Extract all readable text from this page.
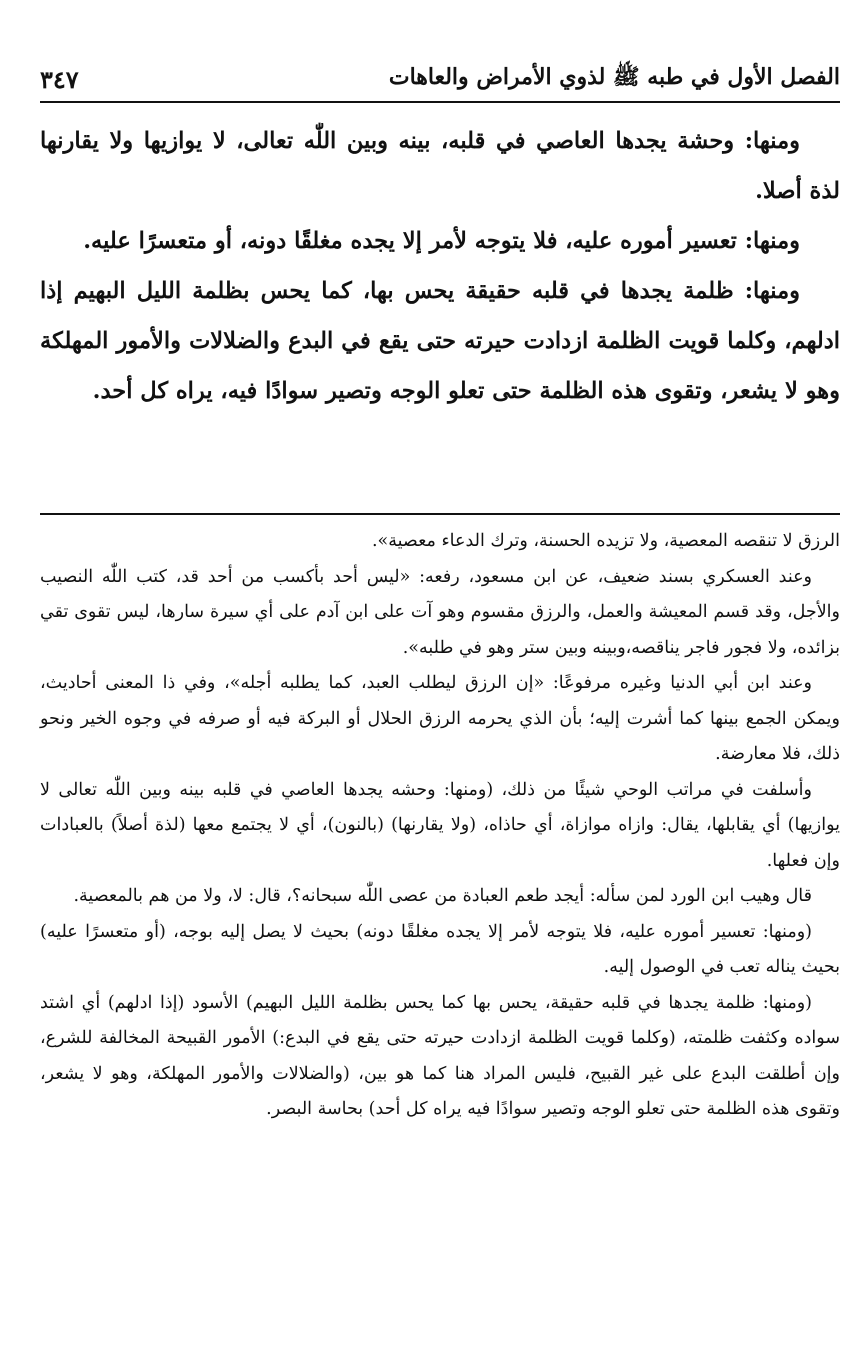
الفصل الأول في طبه ﷺ لذوي الأمراض والعاهات
٣٤٧

ومنها: وحشة يجدها العاصي في قلبه، بينه وبين اللّٰه تعالى، لا يوازيها ولا يقارنها لذة أصلا.

ومنها: تعسير أموره عليه، فلا يتوجه لأمر إلا يجده مغلقًا دونه، أو متعسرًا عليه.

ومنها: ظلمة يجدها في قلبه حقيقة يحس بها، كما يحس بظلمة الليل البهيم إذا ادلهم، وكلما قويت الظلمة ازدادت حيرته حتى يقع في البدع والضلالات والأمور المهلكة وهو لا يشعر، وتقوى هذه الظلمة حتى تعلو الوجه وتصير سوادًا فيه، يراه كل أحد.

الرزق لا تنقصه المعصية، ولا تزيده الحسنة، وترك الدعاء معصية».

وعند العسكري بسند ضعيف، عن ابن مسعود، رفعه: «ليس أحد بأكسب من أحد قد، كتب اللّٰه النصيب والأجل، وقد قسم المعيشة والعمل، والرزق مقسوم وهو آت على ابن آدم على أي سيرة سارها، ليس تقوى تقي بزائده، ولا فجور فاجر يناقصه،وبينه وبين ستر وهو في طلبه».

وعند ابن أبي الدنيا وغيره مرفوعًا: «إن الرزق ليطلب العبد، كما يطلبه أجله»، وفي ذا المعنى أحاديث، ويمكن الجمع بينها كما أشرت إليه؛ بأن الذي يحرمه الرزق الحلال أو البركة فيه أو صرفه في وجوه الخير ونحو ذلك، فلا معارضة.

وأسلفت في مراتب الوحي شيئًا من ذلك، (ومنها: وحشه يجدها العاصي في قلبه بينه وبين اللّٰه تعالى لا يوازيها) أي يقابلها، يقال: وازاه موازاة، أي حاذاه، (ولا يقارنها) (بالنون)، أي لا يجتمع معها (لذة أصلاً) بالعبادات وإن فعلها.

قال وهيب ابن الورد لمن سأله: أيجد طعم العبادة من عصى اللّٰه سبحانه؟، قال: لا، ولا من هم بالمعصية.

(ومنها: تعسير أموره عليه، فلا يتوجه لأمر إلا يجده مغلقًا دونه) بحيث لا يصل إليه بوجه، (أو متعسرًا عليه) بحيث يناله تعب في الوصول إليه.

(ومنها: ظلمة يجدها في قلبه حقيقة، يحس بها كما يحس بظلمة الليل البهيم) الأسود (إذا ادلهم) أي اشتد سواده وكثفت ظلمته، (وكلما قويت الظلمة ازدادت حيرته حتى يقع في البدع:) الأمور القبيحة المخالفة للشرع، وإن أطلقت البدع على غير القبيح، فليس المراد هنا كما هو بين، (والضلالات والأمور المهلكة، وهو لا يشعر، وتقوى هذه الظلمة حتى تعلو الوجه وتصير سوادًا فيه يراه كل أحد) بحاسة البصر.
